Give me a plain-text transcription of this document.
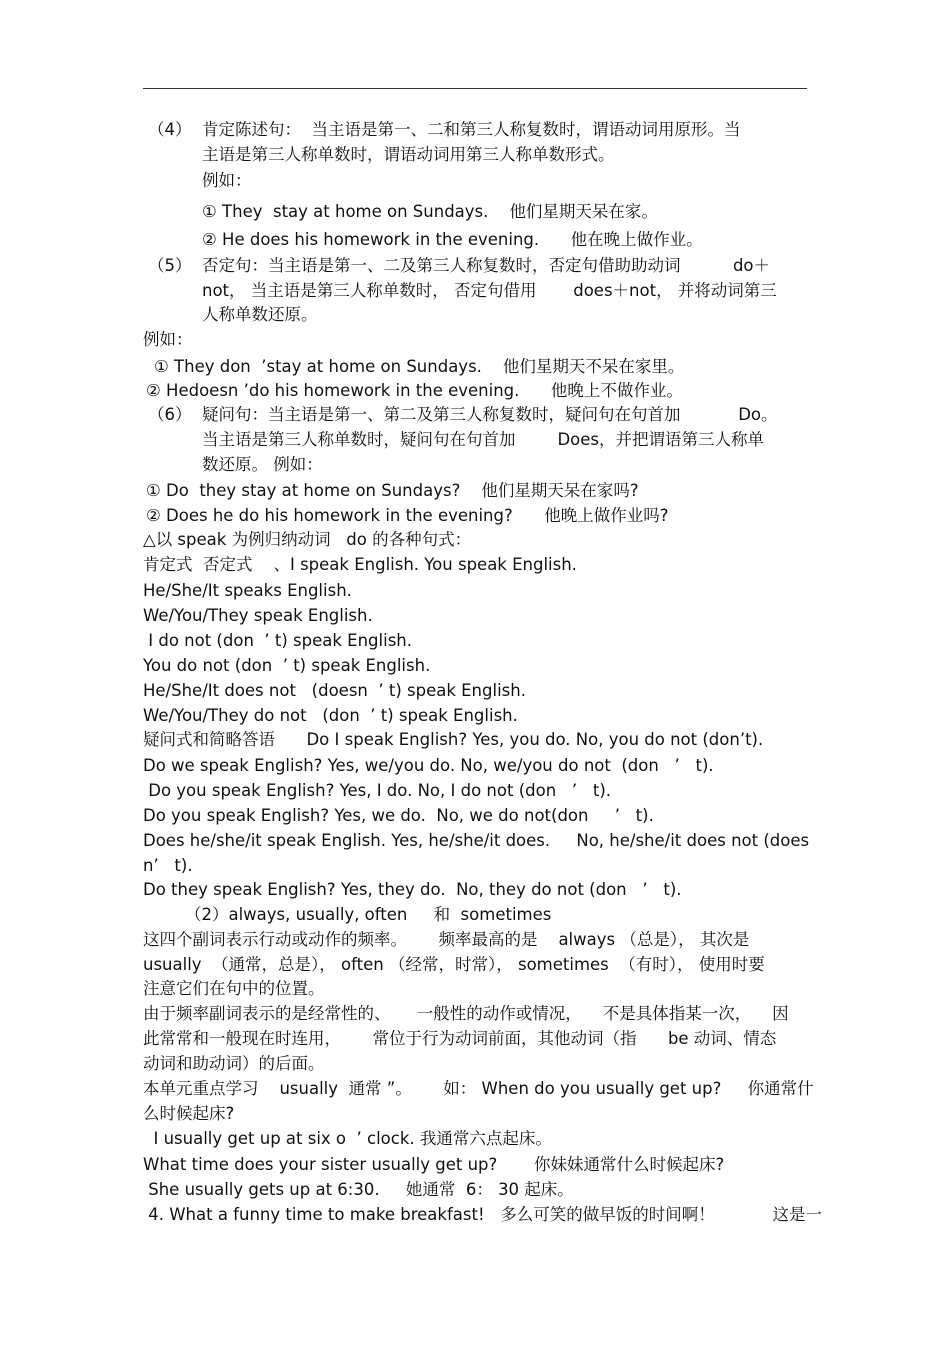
（4） 肯定陈述句：  当主语是第一、二和第三人称复数时，谓语动词用原形。当
主语是第三人称单数时，谓语动词用第三人称单数形式。
例如：
① They  stay at home on Sundays.    他们星期天呆在家。
② He does his homework in the evening.      他在晚上做作业。
（5） 否定句：当主语是第一、二及第三人称复数时，否定句借助助动词          do＋
not， 当主语是第三人称单数时， 否定句借用       does＋not， 并将动词第三
人称单数还原。
例如：
① They don  ’stay at home on Sundays.    他们星期天不呆在家里。
② Hedoesn ’do his homework in the evening.      他晚上不做作业。
（6） 疑问句：当主语是第一、第二及第三人称复数时，疑问句在句首加           Do。
当主语是第三人称单数时，疑问句在句首加        Does，并把谓语第三人称单
数还原。 例如：
① Do  they stay at home on Sundays?    他们星期天呆在家吗?
② Does he do his homework in the evening?      他晚上做作业吗?
△以 speak 为例归纳动词   do 的各种句式：
肯定式  否定式    、I speak English. You speak English.
He/She/It speaks English.
We/You/They speak English.
I do not (don  ’ t) speak English.
You do not (don  ’ t) speak English.
He/She/It does not   (doesn  ’ t) speak English.
We/You/They do not   (don  ’ t) speak English.
疑问式和简略答语      Do I speak English? Yes, you do. No, you do not (don’t).
Do we speak English? Yes, we/you do. No, we/you do not  (don   ’   t).
Do you speak English? Yes, I do. No, I do not (don   ’   t).
Do you speak English? Yes, we do.  No, we do not(don     ’   t).
Does he/she/it speak English. Yes, he/she/it does.     No, he/she/it does not (does
n’   t).
Do they speak English? Yes, they do.  No, they do not (don   ’   t).
（2）always, usually, often     和  sometimes
这四个副词表示行动或动作的频率。      频率最高的是    always （总是）， 其次是
usually  （通常，总是）， often （经常，时常）， sometimes  （有时）， 使用时要
注意它们在句中的位置。
由于频率副词表示的是经常性的、     一般性的动作或情况，    不是具体指某一次，    因
此常常和一般现在时连用，      常位于行为动词前面，其他动词（指      be 动词、情态
动词和助动词）的后面。
本单元重点学习    usually  通常 ”。      如： When do you usually get up?     你通常什
么时候起床?
I usually get up at six o  ’ clock. 我通常六点起床。
What time does your sister usually get up?       你妹妹通常什么时候起床?
She usually gets up at 6:30.     她通常  6： 30 起床。
4. What a funny time to make breakfast!   多么可笑的做早饭的时间啊！           这是一
